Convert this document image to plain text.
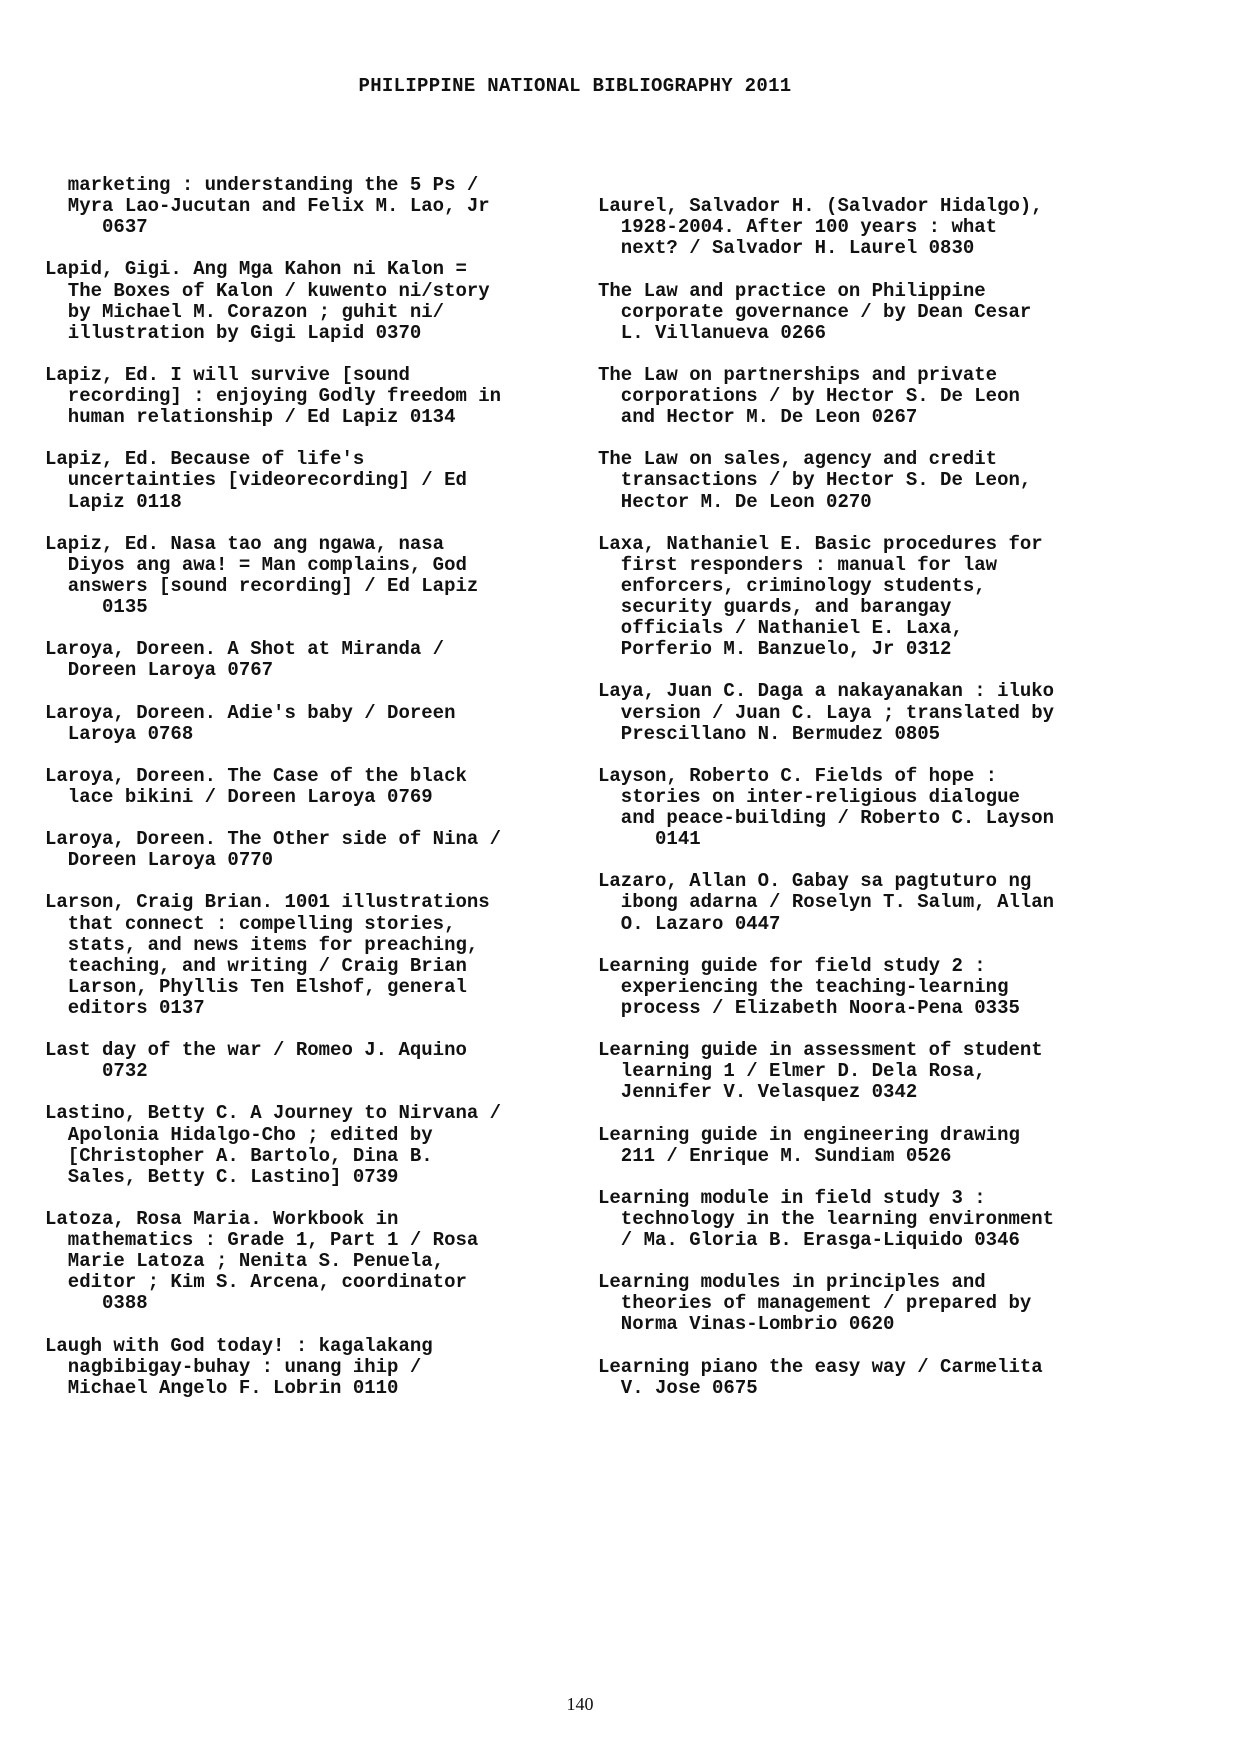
PHILIPPINE NATIONAL BIBLIOGRAPHY 2011
marketing : understanding the 5 Ps /
Myra Lao-Jucutan and Felix M. Lao, Jr
0637
Lapid, Gigi. Ang Mga Kahon ni Kalon =
The Boxes of Kalon / kuwento ni/story
by Michael M. Corazon ; guhit ni/
illustration by Gigi Lapid 0370
Lapiz, Ed. I will survive [sound
recording] : enjoying Godly freedom in
human relationship / Ed Lapiz 0134
Lapiz, Ed. Because of life's
uncertainties [videorecording] / Ed
Lapiz 0118
Lapiz, Ed. Nasa tao ang ngawa, nasa
Diyos ang awa! = Man complains, God
answers [sound recording] / Ed Lapiz
0135
Laroya, Doreen. A Shot at Miranda /
Doreen Laroya 0767
Laroya, Doreen. Adie's baby / Doreen
Laroya 0768
Laroya, Doreen. The Case of the black
lace bikini / Doreen Laroya 0769
Laroya, Doreen. The Other side of Nina /
Doreen Laroya 0770
Larson, Craig Brian. 1001 illustrations
that connect : compelling stories,
stats, and news items for preaching,
teaching, and writing / Craig Brian
Larson, Phyllis Ten Elshof, general
editors 0137
Last day of the war / Romeo J. Aquino
0732
Lastino, Betty C. A Journey to Nirvana /
Apolonia Hidalgo-Cho ; edited by
[Christopher A. Bartolo, Dina B.
Sales, Betty C. Lastino] 0739
Latoza, Rosa Maria. Workbook in
mathematics : Grade 1, Part 1 / Rosa
Marie Latoza ; Nenita S. Penuela,
editor ; Kim S. Arcena, coordinator
0388
Laugh with God today! : kagalakang
nagbibigay-buhay : unang ihip /
Michael Angelo F. Lobrin 0110
Laurel, Salvador H. (Salvador Hidalgo),
1928-2004. After 100 years : what
next? / Salvador H. Laurel 0830
The Law and practice on Philippine
corporate governance / by Dean Cesar
L. Villanueva 0266
The Law on partnerships and private
corporations / by Hector S. De Leon
and Hector M. De Leon 0267
The Law on sales, agency and credit
transactions / by Hector S. De Leon,
Hector M. De Leon 0270
Laxa, Nathaniel E. Basic procedures for
first responders : manual for law
enforcers, criminology students,
security guards, and barangay
officials / Nathaniel E. Laxa,
Porferio M. Banzuelo, Jr 0312
Laya, Juan C. Daga a nakayanakan : iluko
version / Juan C. Laya ; translated by
Prescillano N. Bermudez 0805
Layson, Roberto C. Fields of hope :
stories on inter-religious dialogue
and peace-building / Roberto C. Layson
0141
Lazaro, Allan O. Gabay sa pagtuturo ng
ibong adarna / Roselyn T. Salum, Allan
O. Lazaro 0447
Learning guide for field study 2 :
experiencing the teaching-learning
process / Elizabeth Noora-Pena 0335
Learning guide in assessment of student
learning 1 / Elmer D. Dela Rosa,
Jennifer V. Velasquez 0342
Learning guide in engineering drawing
211 / Enrique M. Sundiam 0526
Learning module in field study 3 :
technology in the learning environment
/ Ma. Gloria B. Erasga-Liquido 0346
Learning modules in principles and
theories of management / prepared by
Norma Vinas-Lombrio 0620
Learning piano the easy way / Carmelita
V. Jose 0675
140
